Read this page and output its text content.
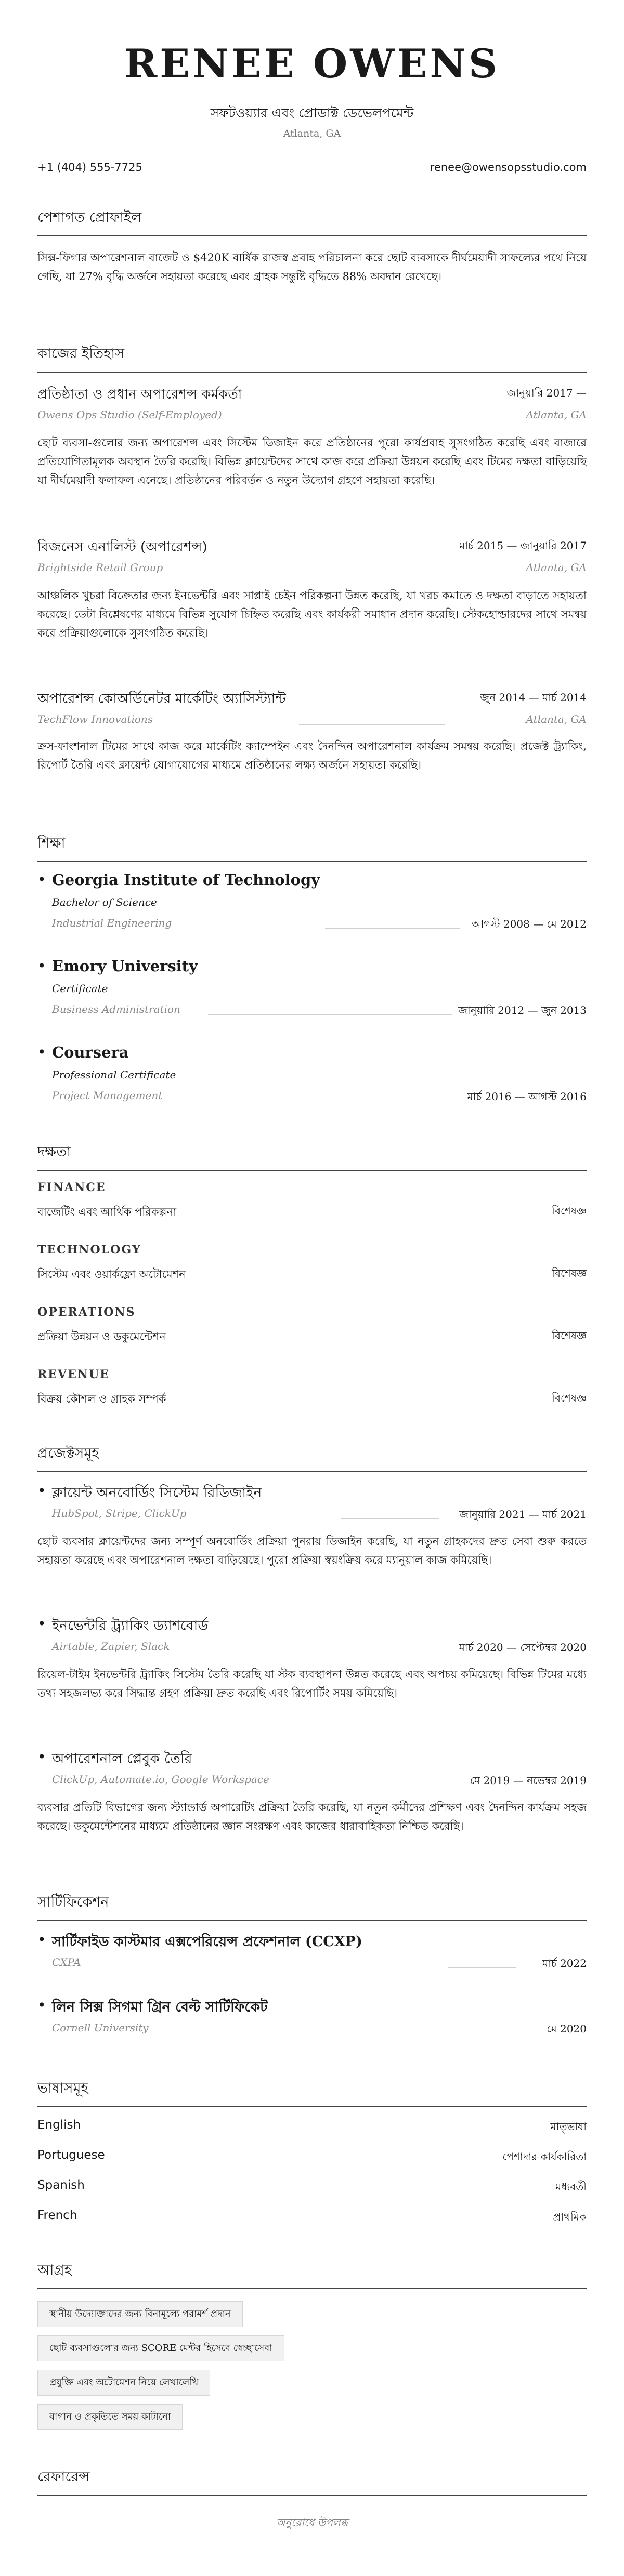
RENEE OWENS
সফটওয়্যার এবং প্রোডাক্ট ডেভেলপমেন্ট
Atlanta, GA
+1 (404) 555-7725	renee@owensopsstudio.com
পেশাগত প্রোফাইল
সিক্স-ফিগার অপারেশনাল বাজেট ও $420K বার্ষিক রাজস্ব প্রবাহ পরিচালনা করে ছোট ব্যবসাকে দীর্ঘমেয়াদী সাফল্যের পথে নিয়ে গেছি, যা 27% বৃদ্ধি অর্জনে সহায়তা করেছে এবং গ্রাহক সন্তুষ্টি বৃদ্ধিতে 88% অবদান রেখেছে।
কাজের ইতিহাস
প্রতিষ্ঠাতা ও প্রধান অপারেশন্স কর্মকর্তা	জানুয়ারি 2017 —
Owens Ops Studio (Self-Employed)	Atlanta, GA
ছোট ব্যবসা-গুলোর জন্য অপারেশন্স এবং সিস্টেম ডিজাইন করে প্রতিষ্ঠানের পুরো কার্যপ্রবাহ সুসংগঠিত করেছি এবং বাজারে প্রতিযোগিতামূলক অবস্থান তৈরি করেছি। বিভিন্ন ক্লায়েন্টদের সাথে কাজ করে প্রক্রিয়া উন্নয়ন করেছি এবং টিমের দক্ষতা বাড়িয়েছি যা দীর্ঘমেয়াদী ফলাফল এনেছে। প্রতিষ্ঠানের পরিবর্তন ও নতুন উদ্যোগ গ্রহণে সহায়তা করেছি।
বিজনেস এনালিস্ট (অপারেশন্স)	মার্চ 2015 — জানুয়ারি 2017
Brightside Retail Group	Atlanta, GA
আঞ্চলিক খুচরা বিক্রেতার জন্য ইনভেন্টরি এবং সাপ্লাই চেইন পরিকল্পনা উন্নত করেছি, যা খরচ কমাতে ও দক্ষতা বাড়াতে সহায়তা করেছে। ডেটা বিশ্লেষণের মাধ্যমে বিভিন্ন সুযোগ চিহ্নিত করেছি এবং কার্যকরী সমাধান প্রদান করেছি। স্টেকহোল্ডারদের সাথে সমন্বয় করে প্রক্রিয়াগুলোকে সুসংগঠিত করেছি।
অপারেশন্স কোঅর্ডিনেটর মার্কেটিং অ্যাসিস্ট্যান্ট	জুন 2014 — মার্চ 2014
TechFlow Innovations	Atlanta, GA
ক্রস-ফাংশনাল টিমের সাথে কাজ করে মার্কেটিং ক্যাম্পেইন এবং দৈনন্দিন অপারেশনাল কার্যক্রম সমন্বয় করেছি। প্রজেক্ট ট্র্যাকিং, রিপোর্ট তৈরি এবং ক্লায়েন্ট যোগাযোগের মাধ্যমে প্রতিষ্ঠানের লক্ষ্য অর্জনে সহায়তা করেছি।
শিক্ষা
• Georgia Institute of Technology
Bachelor of Science
Industrial Engineering	আগস্ট 2008 — মে 2012
• Emory University
Certificate
Business Administration	জানুয়ারি 2012 — জুন 2013
• Coursera
Professional Certificate
Project Management	মার্চ 2016 — আগস্ট 2016
দক্ষতা
FINANCE
বাজেটিং এবং আর্থিক পরিকল্পনা	বিশেষজ্ঞ
TECHNOLOGY
সিস্টেম এবং ওয়ার্কফ্লো অটোমেশন	বিশেষজ্ঞ
OPERATIONS
প্রক্রিয়া উন্নয়ন ও ডকুমেন্টেশন	বিশেষজ্ঞ
REVENUE
বিক্রয় কৌশল ও গ্রাহক সম্পর্ক	বিশেষজ্ঞ
প্রজেক্টসমূহ
• ক্লায়েন্ট অনবোর্ডিং সিস্টেম রিডিজাইন
HubSpot, Stripe, ClickUp	জানুয়ারি 2021 — মার্চ 2021
ছোট ব্যবসার ক্লায়েন্টদের জন্য সম্পূর্ণ অনবোর্ডিং প্রক্রিয়া পুনরায় ডিজাইন করেছি, যা নতুন গ্রাহকদের দ্রুত সেবা শুরু করতে সহায়তা করেছে এবং অপারেশনাল দক্ষতা বাড়িয়েছে। পুরো প্রক্রিয়া স্বয়ংক্রিয় করে ম্যানুয়াল কাজ কমিয়েছি।
• ইনভেন্টরি ট্র্যাকিং ড্যাশবোর্ড
Airtable, Zapier, Slack	মার্চ 2020 — সেপ্টেম্বর 2020
রিয়েল-টাইম ইনভেন্টরি ট্র্যাকিং সিস্টেম তৈরি করেছি যা স্টক ব্যবস্থাপনা উন্নত করেছে এবং অপচয় কমিয়েছে। বিভিন্ন টিমের মধ্যে তথ্য সহজলভ্য করে সিদ্ধান্ত গ্রহণ প্রক্রিয়া দ্রুত করেছি এবং রিপোর্টিং সময় কমিয়েছি।
• অপারেশনাল প্লেবুক তৈরি
ClickUp, Automate.io, Google Workspace	মে 2019 — নভেম্বর 2019
ব্যবসার প্রতিটি বিভাগের জন্য স্ট্যান্ডার্ড অপারেটিং প্রক্রিয়া তৈরি করেছি, যা নতুন কর্মীদের প্রশিক্ষণ এবং দৈনন্দিন কার্যক্রম সহজ করেছে। ডকুমেন্টেশনের মাধ্যমে প্রতিষ্ঠানের জ্ঞান সংরক্ষণ এবং কাজের ধারাবাহিকতা নিশ্চিত করেছি।
সার্টিফিকেশন
• সার্টিফাইড কাস্টমার এক্সপেরিয়েন্স প্রফেশনাল (CCXP)
CXPA	মার্চ 2022
• লিন সিক্স সিগমা গ্রিন বেল্ট সার্টিফিকেট
Cornell University	মে 2020
ভাষাসমূহ
English	মাতৃভাষা
Portuguese	পেশাদার কার্যকারিতা
Spanish	মধ্যবর্তী
French	প্রাথমিক
আগ্রহ
স্থানীয় উদ্যোক্তাদের জন্য বিনামূল্যে পরামর্শ প্রদান
ছোট ব্যবসাগুলোর জন্য SCORE মেন্টর হিসেবে স্বেচ্ছাসেবা
প্রযুক্তি এবং অটোমেশন নিয়ে লেখালেখি
বাগান ও প্রকৃতিতে সময় কাটানো
রেফারেন্স
অনুরোধে উপলব্ধ
